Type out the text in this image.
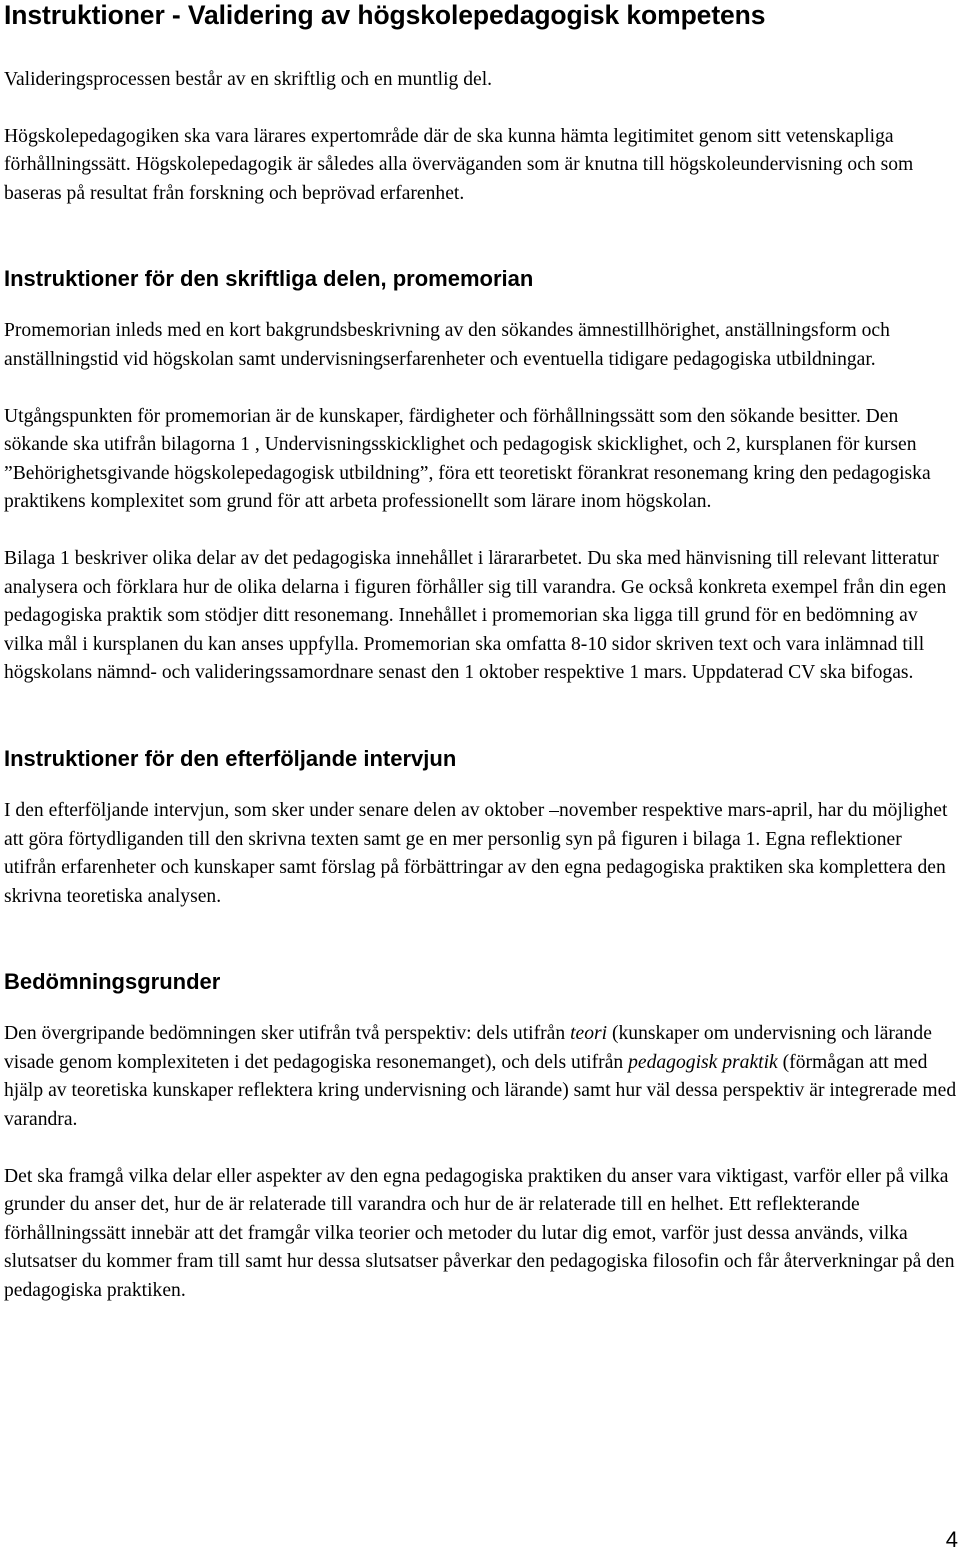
Instruktioner - Validering av högskolepedagogisk kompetens

Valideringsprocessen består av en skriftlig och en muntlig del.

Högskolepedagogiken ska vara lärares expertområde där de ska kunna hämta legitimitet genom sitt vetenskapliga förhållningssätt. Högskolepedagogik är således alla överväganden som är knutna till högskoleundervisning och som baseras på resultat från forskning och beprövad erfarenhet.

Instruktioner för den skriftliga delen, promemorian

Promemorian inleds med en kort bakgrundsbeskrivning av den sökandes ämnestillhörighet, anställningsform och anställningstid vid högskolan samt undervisningserfarenheter och eventuella tidigare pedagogiska utbildningar.

Utgångspunkten för promemorian är de kunskaper, färdigheter och förhållningssätt som den sökande besitter. Den sökande ska utifrån bilagorna 1 , Undervisningsskicklighet och pedagogisk skicklighet, och 2, kursplanen för kursen ”Behörighetsgivande högskolepedagogisk utbildning”, föra ett teoretiskt förankrat resonemang kring den pedagogiska praktikens komplexitet som grund för att arbeta professionellt som lärare inom högskolan.

Bilaga 1 beskriver olika delar av det pedagogiska innehållet i lärararbetet. Du ska med hänvisning till relevant litteratur analysera och förklara hur de olika delarna i figuren förhåller sig till varandra. Ge också konkreta exempel från din egen pedagogiska praktik som stödjer ditt resonemang. Innehållet i promemorian ska ligga till grund för en bedömning av vilka mål i kursplanen du kan anses uppfylla. Promemorian ska omfatta 8-10 sidor skriven text och vara inlämnad till högskolans nämnd- och valideringssamordnare senast den 1 oktober respektive 1 mars. Uppdaterad CV ska bifogas.

Instruktioner för den efterföljande intervjun

I den efterföljande intervjun, som sker under senare delen av oktober –november respektive mars-april, har du möjlighet att göra förtydliganden till den skrivna texten samt ge en mer personlig syn på figuren i bilaga 1. Egna reflektioner utifrån erfarenheter och kunskaper samt förslag på förbättringar av den egna pedagogiska praktiken ska komplettera den skrivna teoretiska analysen.

Bedömningsgrunder

Den övergripande bedömningen sker utifrån två perspektiv: dels utifrån teori (kunskaper om undervisning och lärande visade genom komplexiteten i det pedagogiska resonemanget), och dels utifrån pedagogisk praktik (förmågan att med hjälp av teoretiska kunskaper reflektera kring undervisning och lärande) samt hur väl dessa perspektiv är integrerade med varandra.

Det ska framgå vilka delar eller aspekter av den egna pedagogiska praktiken du anser vara viktigast, varför eller på vilka grunder du anser det, hur de är relaterade till varandra och hur de är relaterade till en helhet. Ett reflekterande förhållningssätt innebär att det framgår vilka teorier och metoder du lutar dig emot, varför just dessa används, vilka slutsatser du kommer fram till samt hur dessa slutsatser påverkar den pedagogiska filosofin och får återverkningar på den pedagogiska praktiken.

4
